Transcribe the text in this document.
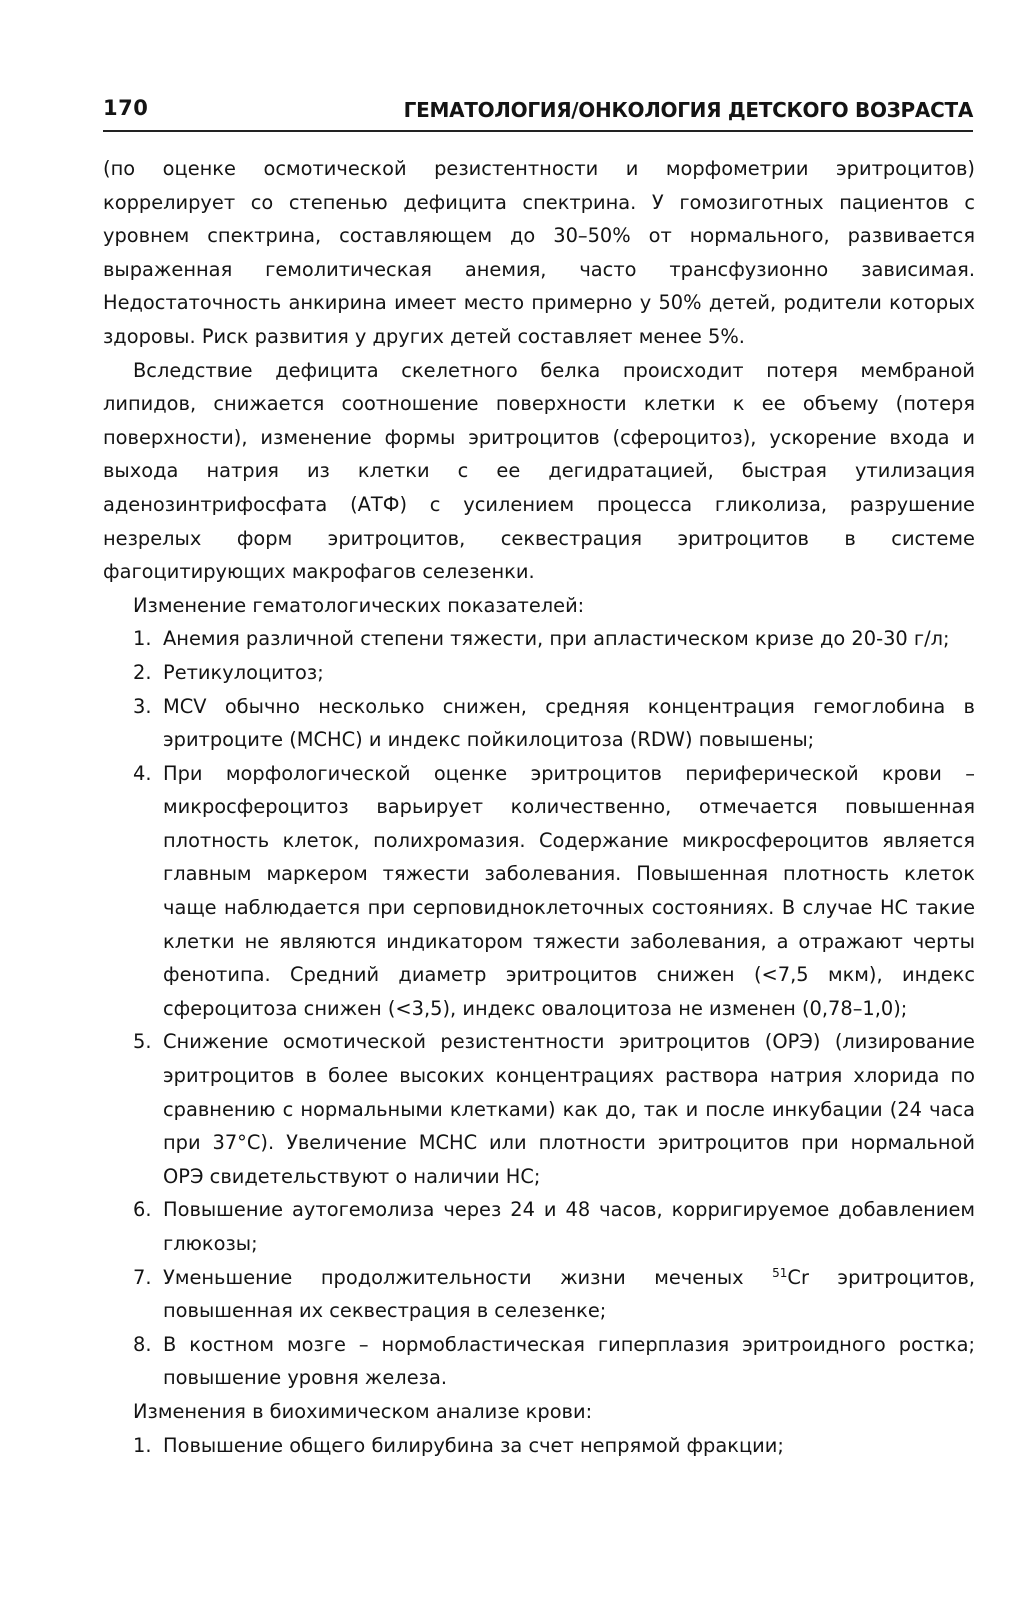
170	ГЕМАТОЛОГИЯ/ОНКОЛОГИЯ ДЕТСКОГО ВОЗРАСТА

(по оценке осмотической резистентности и морфометрии эритроцитов) коррелирует со степенью дефицита спектрина. У гомозиготных пациентов с уровнем спектрина, составляющем до 30–50% от нормального, развивается выраженная гемолитическая анемия, часто трансфузионно зависимая. Недостаточность анкирина имеет место примерно у 50% детей, родители которых здоровы. Риск развития у других детей составляет менее 5%.

Вследствие дефицита скелетного белка происходит потеря мембраной липидов, снижается соотношение поверхности клетки к ее объему (потеря поверхности), изменение формы эритроцитов (сфероцитоз), ускорение входа и выхода натрия из клетки с ее дегидратацией, быстрая утилизация аденозинтрифосфата (АТФ) с усилением процесса гликолиза, разрушение незрелых форм эритроцитов, секвестрация эритроцитов в системе фагоцитирующих макрофагов селезенки.

Изменение гематологических показателей:

1. Анемия различной степени тяжести, при апластическом кризе до 20-30 г/л;
2. Ретикулоцитоз;
3. MCV обычно несколько снижен, средняя концентрация гемоглобина в эритроците (МСНС) и индекс пойкилоцитоза (RDW) повышены;
4. При морфологической оценке эритроцитов периферической крови – микросфероцитоз варьирует количественно, отмечается повышенная плотность клеток, полихромазия. Содержание микросфероцитов является главным маркером тяжести заболевания. Повышенная плотность клеток чаще наблюдается при серповидноклеточных состояниях. В случае НС такие клетки не являются индикатором тяжести заболевания, а отражают черты фенотипа. Средний диаметр эритроцитов снижен (<7,5 мкм), индекс сфероцитоза снижен (<3,5), индекс овалоцитоза не изменен (0,78–1,0);
5. Снижение осмотической резистентности эритроцитов (ОРЭ) (лизирование эритроцитов в более высоких концентрациях раствора натрия хлорида по сравнению с нормальными клетками) как до, так и после инкубации (24 часа при 37°С). Увеличение МСНС или плотности эритроцитов при нормальной ОРЭ свидетельствуют о наличии НС;
6. Повышение аутогемолиза через 24 и 48 часов, корригируемое добавлением глюкозы;
7. Уменьшение продолжительности жизни меченых $^{51}$Cr эритроцитов, повышенная их секвестрация в селезенке;
8. В костном мозге – нормобластическая гиперплазия эритроидного ростка; повышение уровня железа.

Изменения в биохимическом анализе крови:

1. Повышение общего билирубина за счет непрямой фракции;
